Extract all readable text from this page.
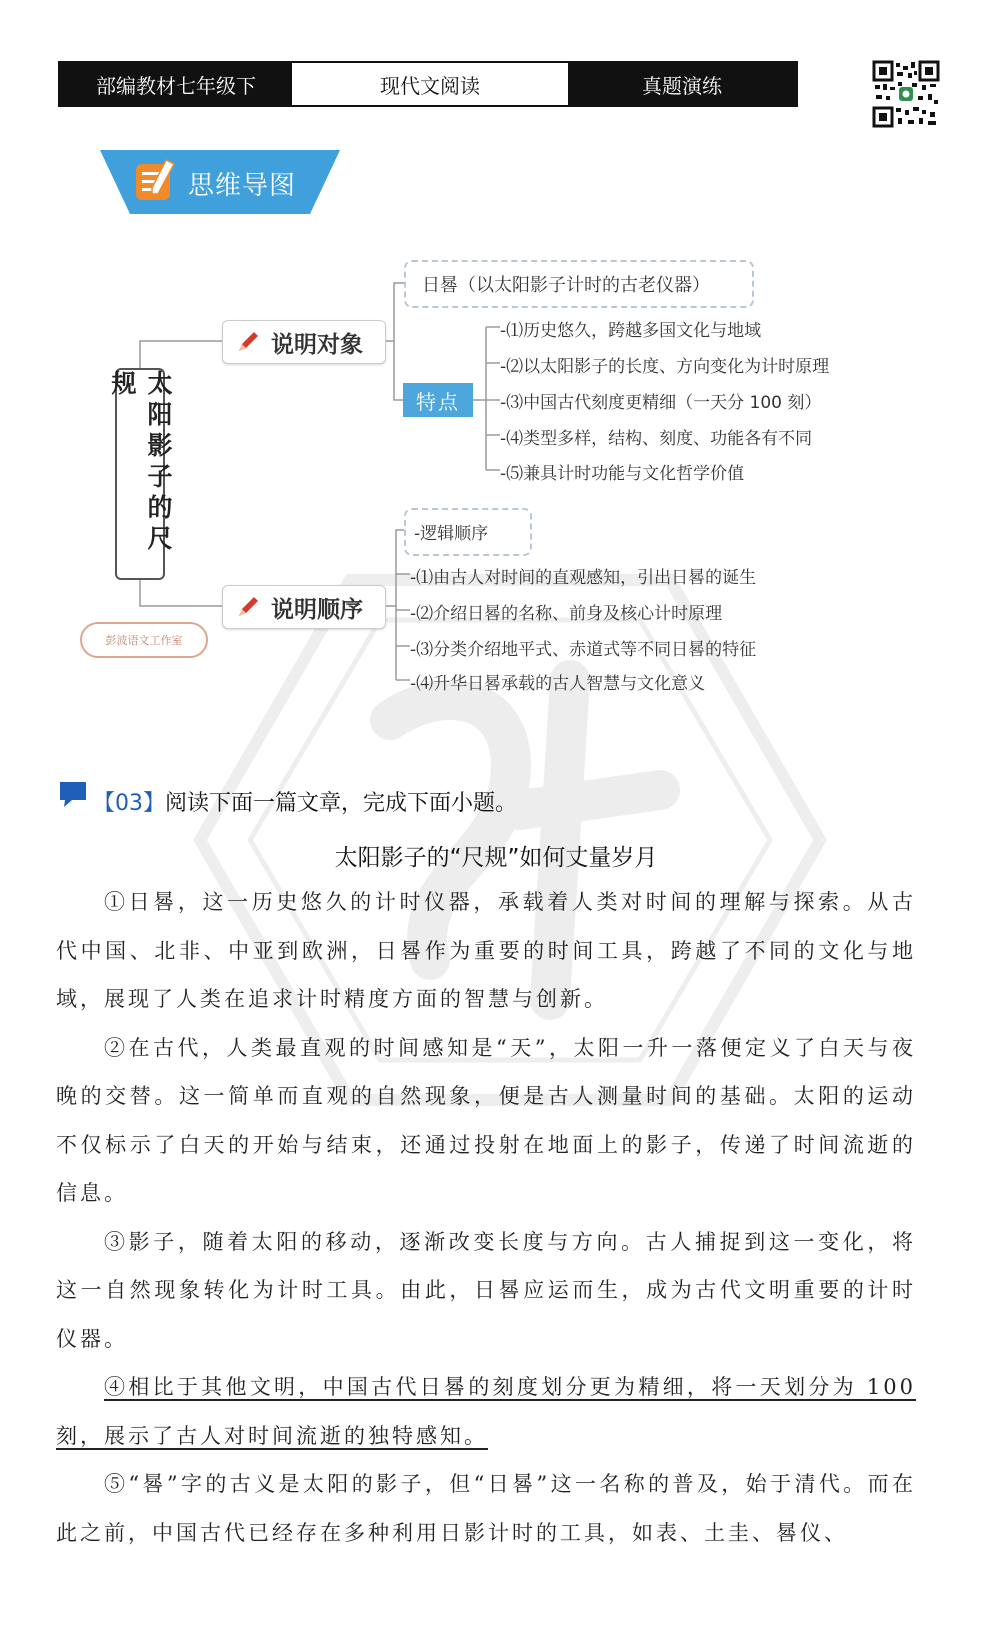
部编教材七年级下	现代文阅读	真题演练
思维导图
太阳影子的尺规
说明对象
日晷（以太阳影子计时的古老仪器）
特点
-⑴历史悠久，跨越多国文化与地域
-⑵以太阳影子的长度、方向变化为计时原理
-⑶中国古代刻度更精细（一天分 100 刻）
-⑷类型多样，结构、刻度、功能各有不同
-⑸兼具计时功能与文化哲学价值
说明顺序
-逻辑顺序
-⑴由古人对时间的直观感知，引出日晷的诞生
-⑵介绍日晷的名称、前身及核心计时原理
-⑶分类介绍地平式、赤道式等不同日晷的特征
-⑷升华日晷承载的古人智慧与文化意义
彭波语文工作室
【03】阅读下面一篇文章，完成下面小题。
太阳影子的“尺规”如何丈量岁月

①日晷，这一历史悠久的计时仪器，承载着人类对时间的理解与探索。从古代中国、北非、中亚到欧洲，日晷作为重要的时间工具，跨越了不同的文化与地域，展现了人类在追求计时精度方面的智慧与创新。

②在古代，人类最直观的时间感知是“天”，太阳一升一落便定义了白天与夜晚的交替。这一简单而直观的自然现象，便是古人测量时间的基础。太阳的运动不仅标示了白天的开始与结束，还通过投射在地面上的影子，传递了时间流逝的信息。

③影子，随着太阳的移动，逐渐改变长度与方向。古人捕捉到这一变化，将这一自然现象转化为计时工具。由此，日晷应运而生，成为古代文明重要的计时仪器。

④相比于其他文明，中国古代日晷的刻度划分更为精细，将一天划分为 100 刻，展示了古人对时间流逝的独特感知。

⑤“晷”字的古义是太阳的影子，但“日晷”这一名称的普及，始于清代。而在此之前，中国古代已经存在多种利用日影计时的工具，如表、土圭、晷仪、
